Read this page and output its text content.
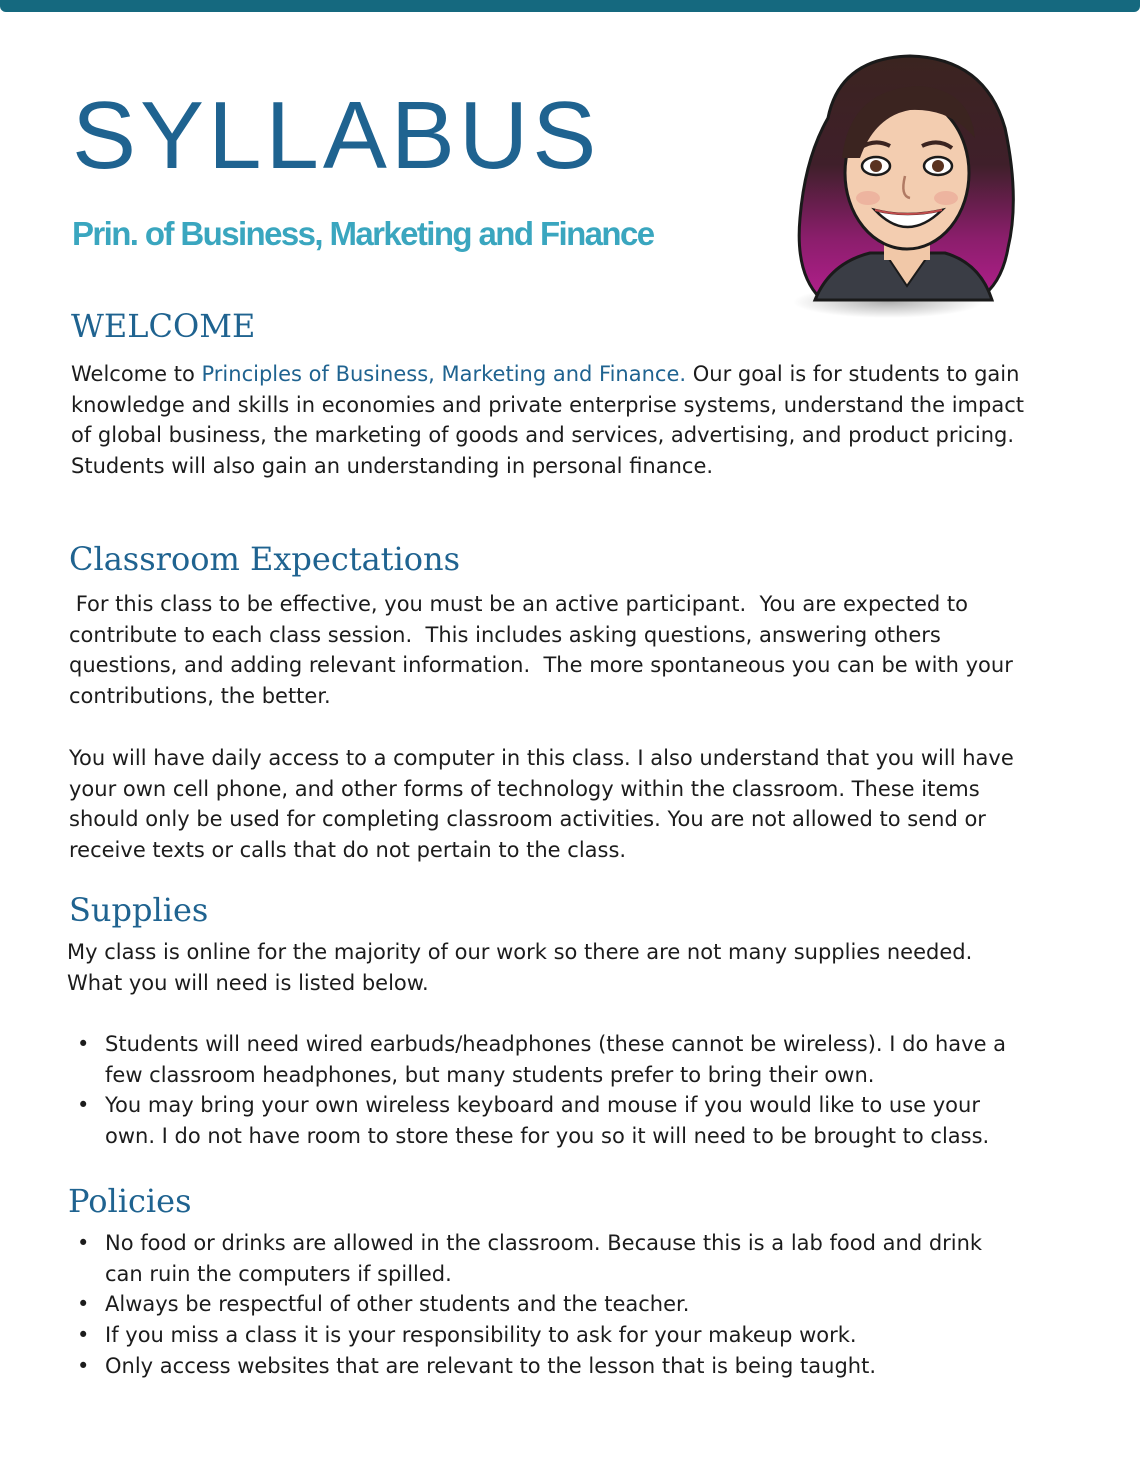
SYLLABUS
Prin. of Business, Marketing and Finance
WELCOME

Welcome to Principles of Business, Marketing and Finance. Our goal is for students to gain knowledge and skills in economies and private enterprise systems, understand the impact of global business, the marketing of goods and services, advertising, and product pricing. Students will also gain an understanding in personal finance.

Classroom Expectations

For this class to be effective, you must be an active participant.  You are expected to contribute to each class session.  This includes asking questions, answering others questions, and adding relevant information.  The more spontaneous you can be with your contributions, the better.

You will have daily access to a computer in this class. I also understand that you will have your own cell phone, and other forms of technology within the classroom. These items should only be used for completing classroom activities. You are not allowed to send or receive texts or calls that do not pertain to the class.

Supplies

My class is online for the majority of our work so there are not many supplies needed. What you will need is listed below.

• Students will need wired earbuds/headphones (these cannot be wireless). I do have a few classroom headphones, but many students prefer to bring their own.
• You may bring your own wireless keyboard and mouse if you would like to use your own. I do not have room to store these for you so it will need to be brought to class.
Policies
• No food or drinks are allowed in the classroom. Because this is a lab food and drink can ruin the computers if spilled.
• Always be respectful of other students and the teacher.
• If you miss a class it is your responsibility to ask for your makeup work.
• Only access websites that are relevant to the lesson that is being taught.
